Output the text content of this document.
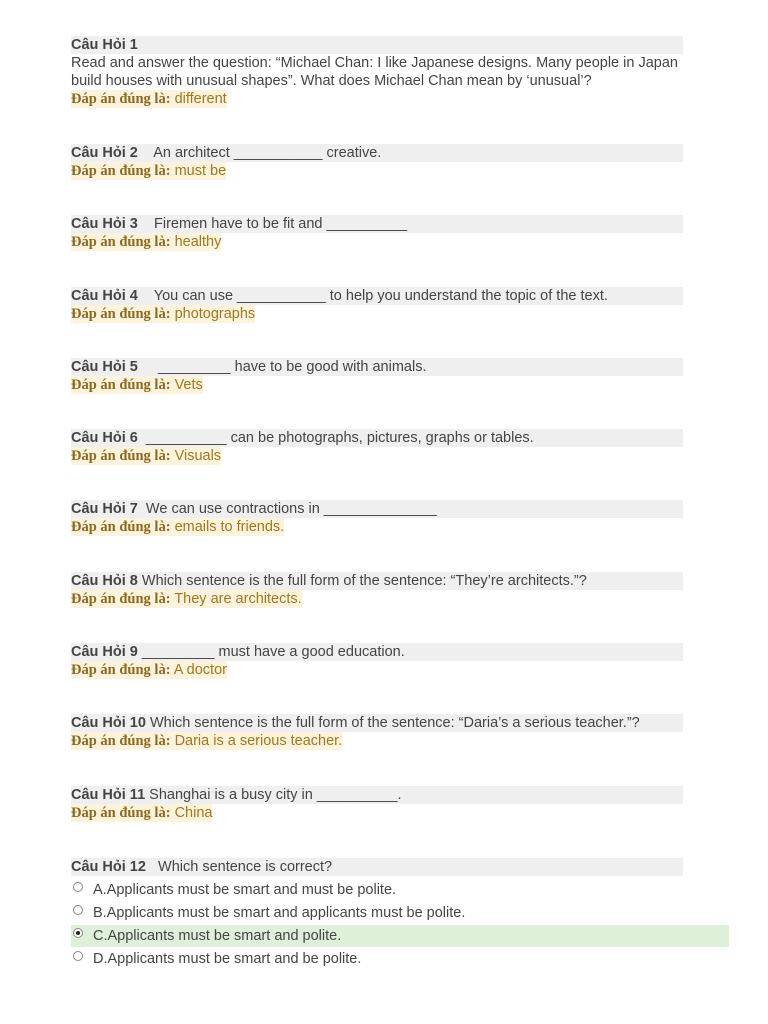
Câu Hỏi 1
Read and answer the question: “Michael Chan: I like Japanese designs. Many people in Japan build houses with unusual shapes”. What does Michael Chan mean by ‘unusual’?
Đáp án đúng là: different
Câu Hỏi 2    An architect ___________ creative.
Đáp án đúng là: must be
Câu Hỏi 3    Firemen have to be fit and __________
Đáp án đúng là: healthy
Câu Hỏi 4    You can use ___________ to help you understand the topic of the text.
Đáp án đúng là: photographs
Câu Hỏi 5     _________ have to be good with animals.
Đáp án đúng là: Vets
Câu Hỏi 6  __________ can be photographs, pictures, graphs or tables.
Đáp án đúng là: Visuals
Câu Hỏi 7  We can use contractions in ______________
Đáp án đúng là: emails to friends.
Câu Hỏi 8 Which sentence is the full form of the sentence: “They’re architects.”?
Đáp án đúng là: They are architects.
Câu Hỏi 9 _________ must have a good education.
Đáp án đúng là: A doctor
Câu Hỏi 10 Which sentence is the full form of the sentence: “Daria’s a serious teacher.”?
Đáp án đúng là: Daria is a serious teacher.
Câu Hỏi 11 Shanghai is a busy city in __________.
Đáp án đúng là: China
Câu Hỏi 12   Which sentence is correct?
A.Applicants must be smart and must be polite.
B.Applicants must be smart and applicants must be polite.
C.Applicants must be smart and polite.
D.Applicants must be smart and be polite.
